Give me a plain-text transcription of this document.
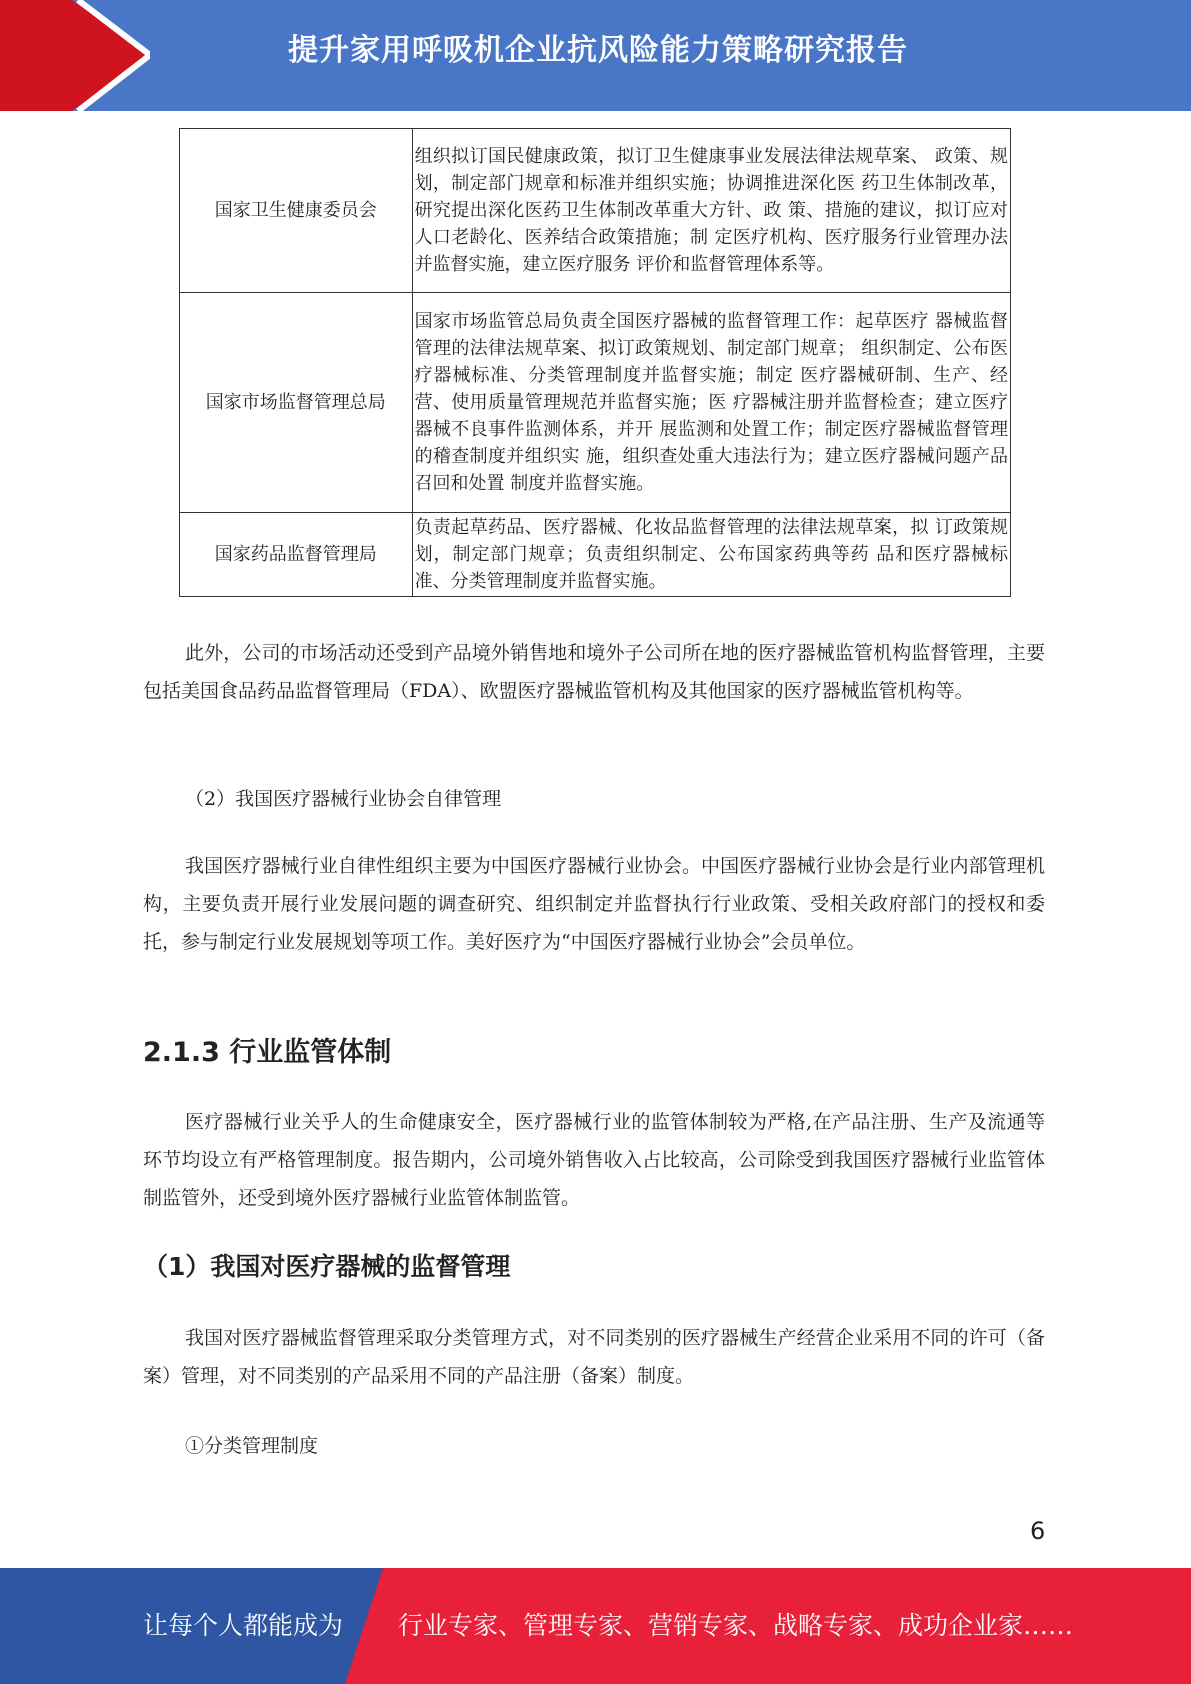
提升家用呼吸机企业抗风险能力策略研究报告
国家卫生健康委员会	组织拟订国民健康政策，拟订卫生健康事业发展法律法规草案、 政策、规划，制定部门规章和标准并组织实施；协调推进深化医 药卫生体制改革，研究提出深化医药卫生体制改革重大方针、政 策、措施的建议，拟订应对人口老龄化、医养结合政策措施；制 定医疗机构、医疗服务行业管理办法并监督实施，建立医疗服务 评价和监督管理体系等。
国家市场监督管理总局	国家市场监管总局负责全国医疗器械的监督管理工作：起草医疗 器械监督管理的法律法规草案、拟订政策规划、制定部门规章； 组织制定、公布医疗器械标准、分类管理制度并监督实施；制定 医疗器械研制、生产、经营、使用质量管理规范并监督实施；医 疗器械注册并监督检查；建立医疗器械不良事件监测体系，并开 展监测和处置工作；制定医疗器械监督管理的稽查制度并组织实 施，组织查处重大违法行为；建立医疗器械问题产品召回和处置 制度并监督实施。
国家药品监督管理局	负责起草药品、医疗器械、化妆品监督管理的法律法规草案，拟 订政策规划，制定部门规章；负责组织制定、公布国家药典等药 品和医疗器械标准、分类管理制度并监督实施。

此外，公司的市场活动还受到产品境外销售地和境外子公司所在地的医疗器械监管机构监督管理，主要包括美国食品药品监督管理局（FDA）、欧盟医疗器械监管机构及其他国家的医疗器械监管机构等。

（2）我国医疗器械行业协会自律管理

我国医疗器械行业自律性组织主要为中国医疗器械行业协会。中国医疗器械行业协会是行业内部管理机构，主要负责开展行业发展问题的调查研究、组织制定并监督执行行业政策、受相关政府部门的授权和委托，参与制定行业发展规划等项工作。美好医疗为“中国医疗器械行业协会”会员单位。

2.1.3 行业监管体制

医疗器械行业关乎人的生命健康安全，医疗器械行业的监管体制较为严格,在产品注册、生产及流通等环节均设立有严格管理制度。报告期内，公司境外销售收入占比较高，公司除受到我国医疗器械行业监管体制监管外，还受到境外医疗器械行业监管体制监管。

（1）我国对医疗器械的监督管理

我国对医疗器械监督管理采取分类管理方式，对不同类别的医疗器械生产经营企业采用不同的许可（备案）管理，对不同类别的产品采用不同的产品注册（备案）制度。

①分类管理制度

6
让每个人都能成为 行业专家、管理专家、营销专家、战略专家、成功企业家……
